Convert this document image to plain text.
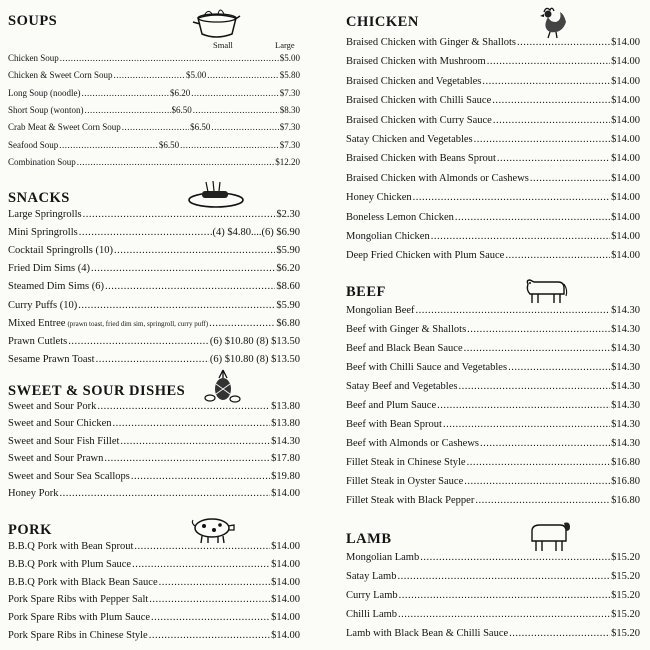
SOUPS
Small	Large
Chicken Soup .....	$5.00
Chicken & Sweet Corn Soup .....	$5.00 .....	$5.80
Long Soup (noodle) .....	$6.20 .....	$7.30
Short Soup (wonton) .....	$6.50 .....	$8.30
Crab Meat & Sweet Corn Soup .....	$6.50 .....	$7.30
Seafood Soup .....	$6.50 .....	$7.30
Combination Soup .....	$12.20
SNACKS
Large Springrolls .....	$2.30
Mini Springrolls .....	(4) $4.80....(6) $6.90
Cocktail Springrolls (10) .....	$5.90
Fried Dim Sims (4) .....	$6.20
Steamed Dim Sims (6) .....	$8.60
Curry Puffs (10) .....	$5.90
Mixed Entree (prawn toast, fried dim sim, springroll, curry puff) .....	$6.80
Prawn Cutlets .....	(6) $10.80 (8) $13.50
Sesame Prawn Toast .....	(6) $10.80 (8) $13.50
SWEET & SOUR DISHES
Sweet and Sour Pork .....	$13.80
Sweet and Sour Chicken .....	$13.80
Sweet and Sour Fish Fillet .....	$14.30
Sweet and Sour Prawn .....	$17.80
Sweet and Sour Sea Scallops .....	$19.80
Honey Pork .....	$14.00
PORK
B.B.Q Pork with Bean Sprout .....	$14.00
B.B.Q Pork with Plum Sauce .....	$14.00
B.B.Q Pork with Black Bean Sauce .....	$14.00
Pork Spare Ribs with Pepper Salt .....	$14.00
Pork Spare Ribs with Plum Sauce .....	$14.00
Pork Spare Ribs in Chinese Style .....	$14.00
CHICKEN
Braised Chicken with Ginger & Shallots .....	$14.00
Braised Chicken with Mushroom .....	$14.00
Braised Chicken and Vegetables .....	$14.00
Braised Chicken with Chilli Sauce .....	$14.00
Braised Chicken with Curry Sauce .....	$14.00
Satay Chicken and Vegetables .....	$14.00
Braised Chicken with Beans Sprout .....	$14.00
Braised Chicken with Almonds or Cashews .....	$14.00
Honey Chicken .....	$14.00
Boneless Lemon Chicken .....	$14.00
Mongolian Chicken .....	$14.00
Deep Fried Chicken with Plum Sauce .....	$14.00
BEEF
Mongolian Beef .....	$14.30
Beef with Ginger & Shallots .....	$14.30
Beef and Black Bean Sauce .....	$14.30
Beef with Chilli Sauce and Vegetables .....	$14.30
Satay Beef and Vegetables .....	$14.30
Beef and Plum Sauce .....	$14.30
Beef with Bean Sprout .....	$14.30
Beef with Almonds or Cashews .....	$14.30
Fillet Steak in Chinese Style .....	$16.80
Fillet Steak in Oyster Sauce .....	$16.80
Fillet Steak with Black Pepper .....	$16.80
LAMB
Mongolian Lamb .....	$15.20
Satay Lamb .....	$15.20
Curry Lamb .....	$15.20
Chilli Lamb .....	$15.20
Lamb with Black Bean & Chilli Sauce .....	$15.20
